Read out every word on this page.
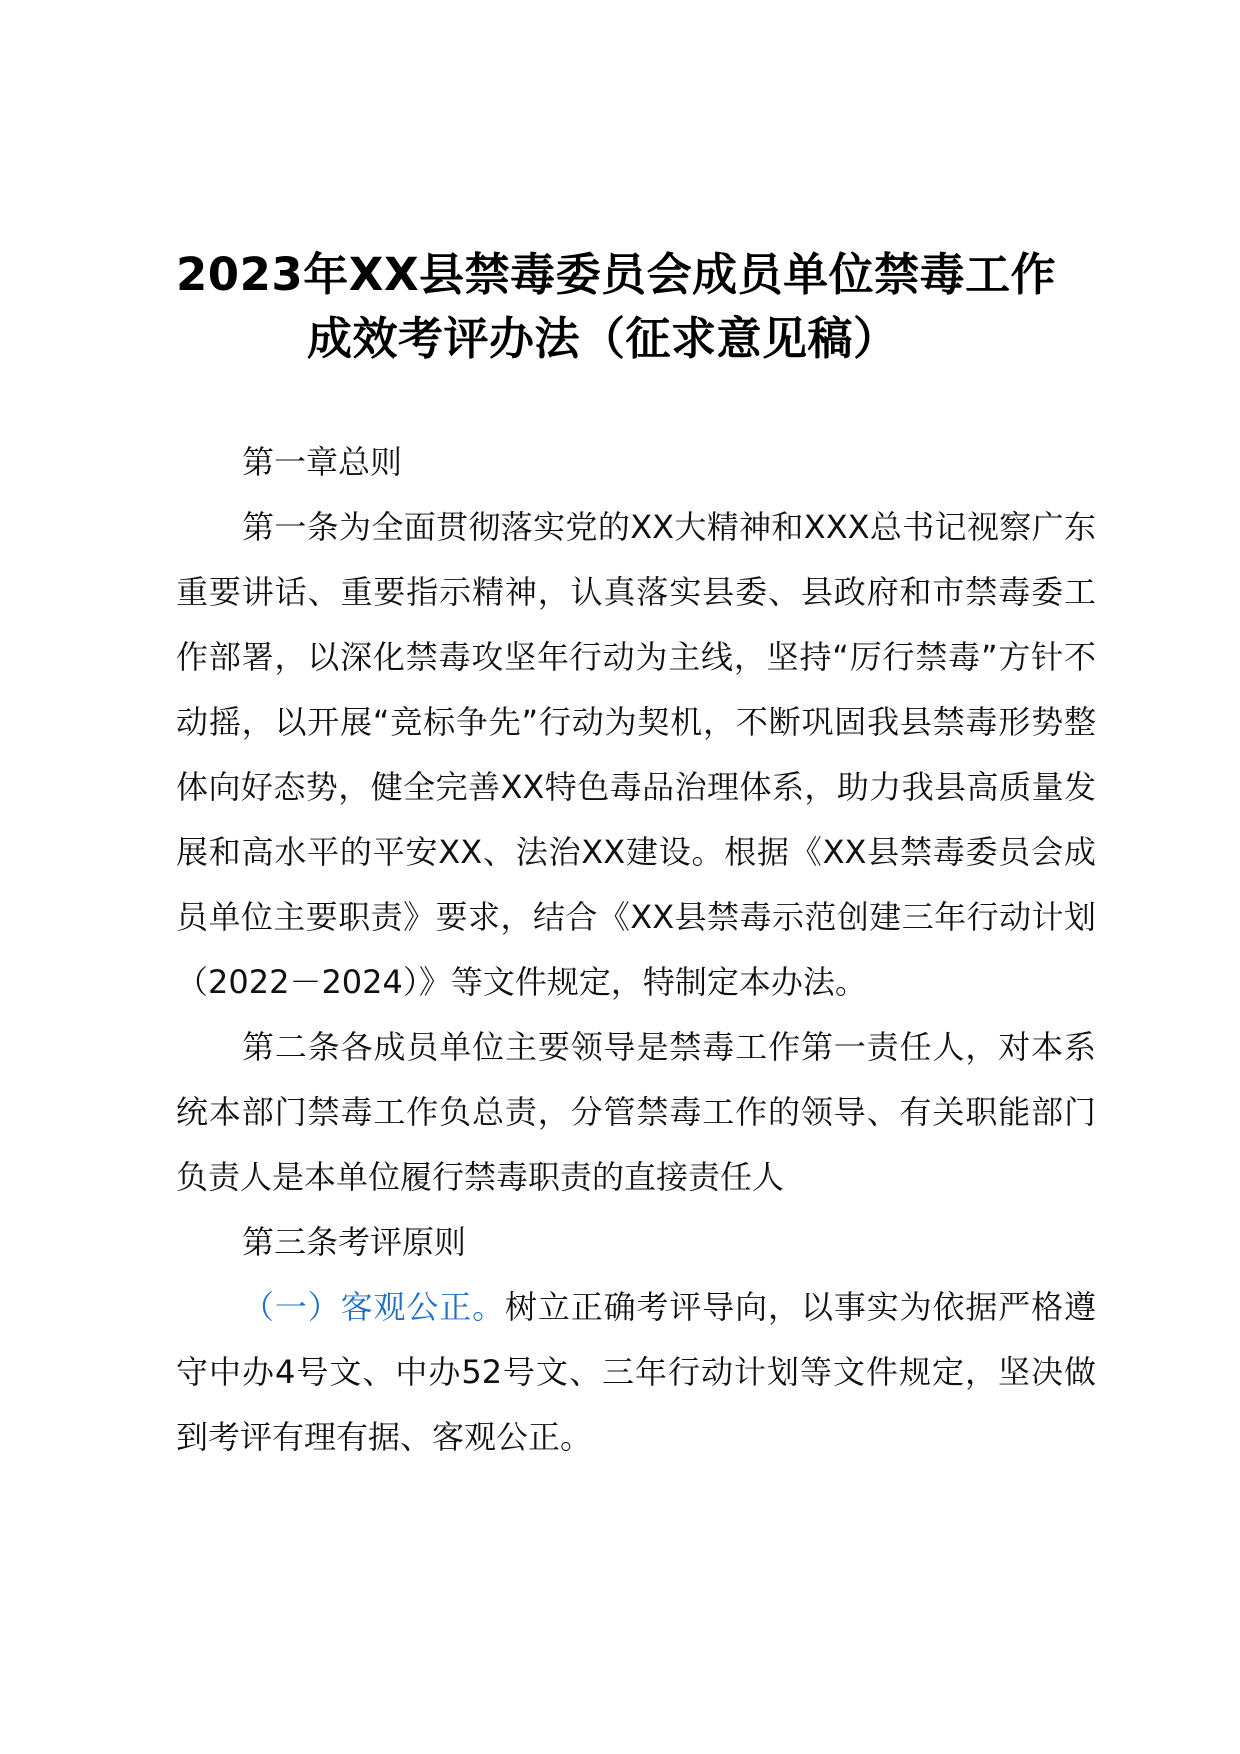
2023年XX县禁毒委员会成员单位禁毒工作
成效考评办法（征求意见稿）

第一章总则

第一条为全面贯彻落实党的XX大精神和XXX总书记视察广东重要讲话、重要指示精神，认真落实县委、县政府和市禁毒委工作部署，以深化禁毒攻坚年行动为主线，坚持“厉行禁毒”方针不动摇，以开展“竞标争先”行动为契机，不断巩固我县禁毒形势整体向好态势，健全完善XX特色毒品治理体系，助力我县高质量发展和高水平的平安XX、法治XX建设。根据《XX县禁毒委员会成员单位主要职责》要求，结合《XX县禁毒示范创建三年行动计划（2022－2024）》等文件规定，特制定本办法。

第二条各成员单位主要领导是禁毒工作第一责任人，对本系统本部门禁毒工作负总责，分管禁毒工作的领导、有关职能部门负责人是本单位履行禁毒职责的直接责任人

第三条考评原则

（一）客观公正。树立正确考评导向，以事实为依据严格遵守中办4号文、中办52号文、三年行动计划等文件规定，坚决做到考评有理有据、客观公正。
